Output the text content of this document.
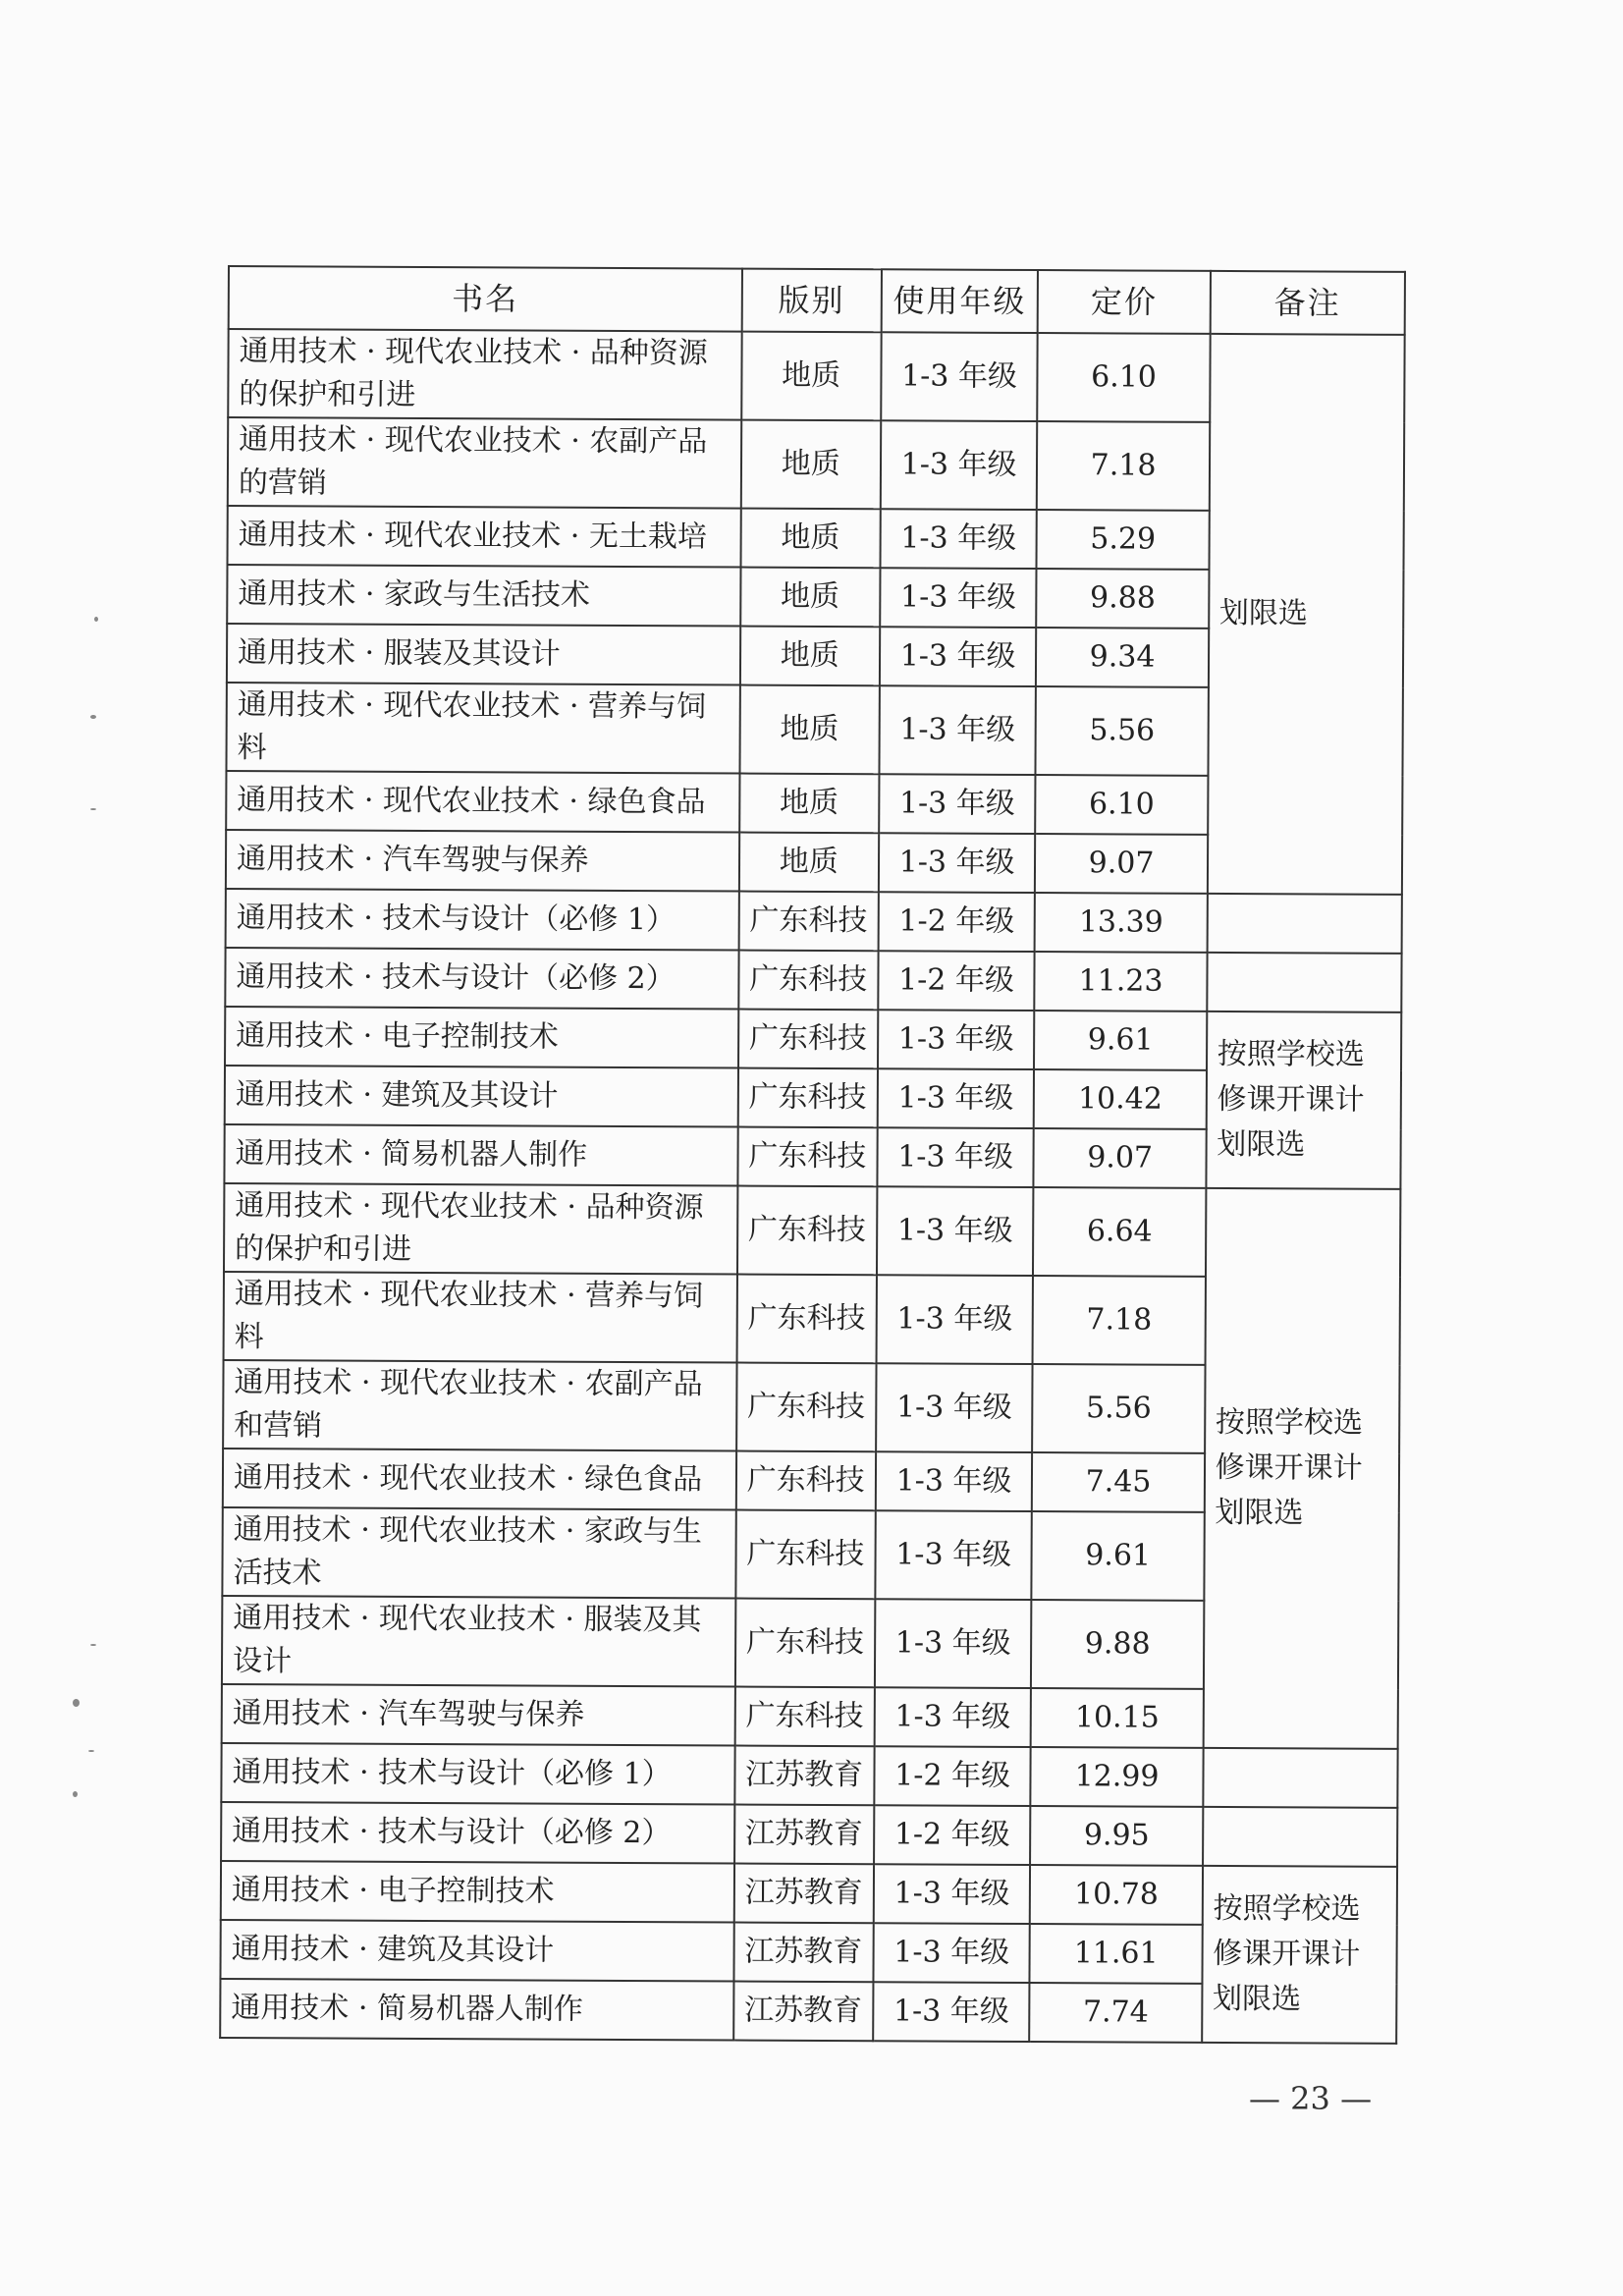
书名	版别	使用年级	定价	备注
通用技术 · 现代农业技术 · 品种资源的保护和引进	地质	1-3 年级	6.10	划限选

通用技术 · 现代农业技术 · 农副产品的营销	地质	1-3 年级	7.18	
通用技术 · 现代农业技术 · 无土栽培	地质	1-3 年级	5.29	
通用技术 · 家政与生活技术	地质	1-3 年级	9.88	
通用技术 · 服装及其设计	地质	1-3 年级	9.34	
通用技术 · 现代农业技术 · 营养与饲料	地质	1-3 年级	5.56	
通用技术 · 现代农业技术 · 绿色食品	地质	1-3 年级	6.10	
通用技术 · 汽车驾驶与保养	地质	1-3 年级	9.07	
通用技术 · 技术与设计（必修 1）	广东科技	1-2 年级	13.39	
通用技术 · 技术与设计（必修 2）	广东科技	1-2 年级	11.23	
通用技术 · 电子控制技术	广东科技	1-3 年级	9.61	按照学校选
修课开课计
划限选

通用技术 · 建筑及其设计	广东科技	1-3 年级	10.42	
通用技术 · 简易机器人制作	广东科技	1-3 年级	9.07	
通用技术 · 现代农业技术 · 品种资源的保护和引进	广东科技	1-3 年级	6.64	按照学校选
修课开课计
划限选

通用技术 · 现代农业技术 · 营养与饲料	广东科技	1-3 年级	7.18	
通用技术 · 现代农业技术 · 农副产品和营销	广东科技	1-3 年级	5.56	
通用技术 · 现代农业技术 · 绿色食品	广东科技	1-3 年级	7.45	
通用技术 · 现代农业技术 · 家政与生活技术	广东科技	1-3 年级	9.61	
通用技术 · 现代农业技术 · 服装及其设计	广东科技	1-3 年级	9.88	
通用技术 · 汽车驾驶与保养	广东科技	1-3 年级	10.15	
通用技术 · 技术与设计（必修 1）	江苏教育	1-2 年级	12.99	
通用技术 · 技术与设计（必修 2）	江苏教育	1-2 年级	9.95	
通用技术 · 电子控制技术	江苏教育	1-3 年级	10.78	按照学校选
修课开课计
划限选

通用技术 · 建筑及其设计	江苏教育	1-3 年级	11.61	
通用技术 · 简易机器人制作	江苏教育	1-3 年级	7.74	
— 23 —
